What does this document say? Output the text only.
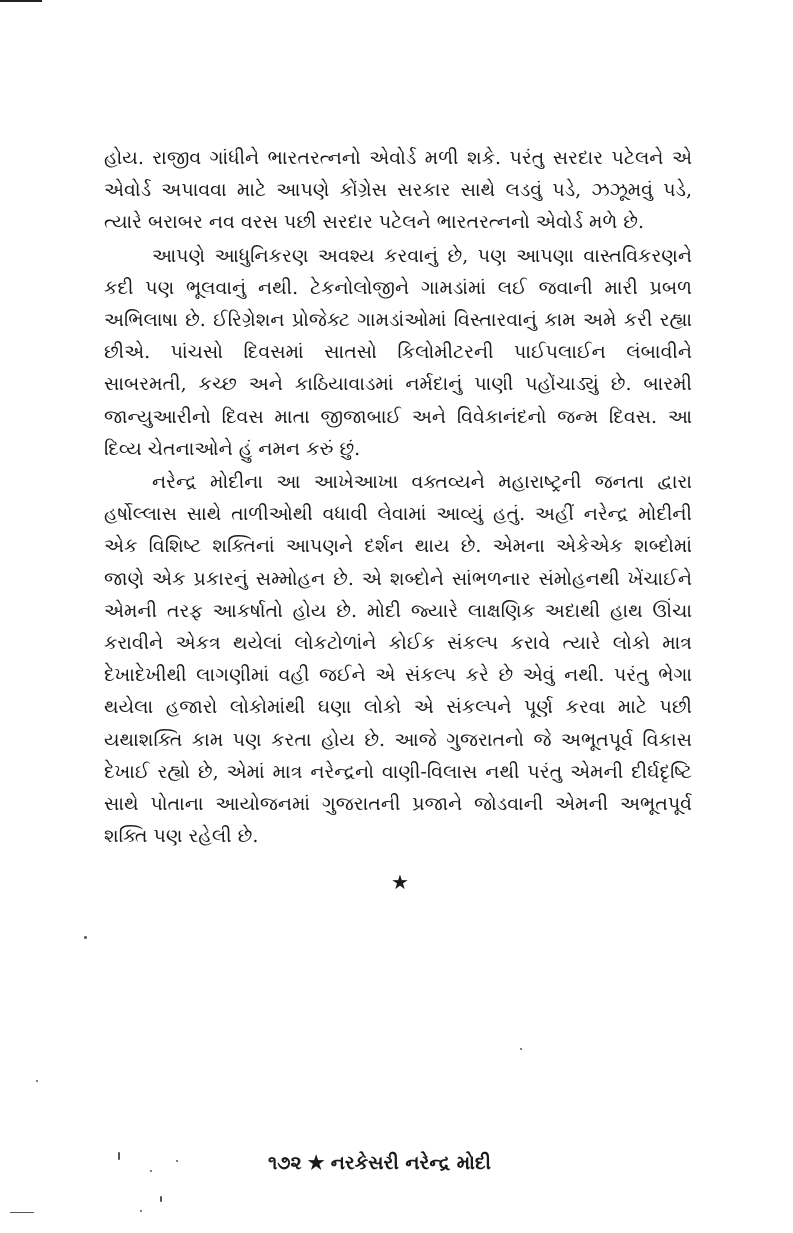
હોય. રાજીવ ગાંધીને ભારતરત્નનો એવોર્ડ મળી શકે. પરંતુ સરદાર પટેલને એ એવોર્ડ અપાવવા માટે આપણે કોંગ્રેસ સરકાર સાથે લડવું પડે, ઝઝૂમવું પડે, ત્યારે બરાબર નવ વરસ પછી સરદાર પટેલને ભારતરત્નનો એવોર્ડ મળે છે.

આપણે આધુનિકરણ અવશ્ય કરવાનું છે, પણ આપણા વાસ્તવિકરણને કદી પણ ભૂલવાનું નથી. ટેકનોલોજીને ગામડાંમાં લઈ જવાની મારી પ્રબળ અભિલાષા છે. ઈરિગ્રેશન પ્રોજેક્ટ ગામડાંઓમાં વિસ્તારવાનું કામ અમે કરી રહ્યા છીએ. પાંચસો દિવસમાં સાતસો કિલોમીટરની પાઈપલાઈન લંબાવીને સાબરમતી, કચ્છ અને કાઠિયાવાડમાં નર્મદાનું પાણી પહોંચાડ્યું છે. બારમી જાન્યુઆરીનો દિવસ માતા જીજાબાઈ અને વિવેકાનંદનો જન્મ દિવસ. આ દિવ્ય ચેતનાઓને હું નમન કરું છું.

નરેન્દ્ર મોદીના આ આખેઆખા વક્તવ્યને મહારાષ્ટ્રની જનતા દ્વારા હર્ષોલ્લાસ સાથે તાળીઓથી વધાવી લેવામાં આવ્યું હતું. અહીં નરેન્દ્ર મોદીની એક વિશિષ્ટ શક્તિનાં આપણને દર્શન થાય છે. એમના એકેએક શબ્દોમાં જાણે એક પ્રકારનું સમ્મોહન છે. એ શબ્દોને સાંભળનાર સંમોહનથી ખેંચાઈને એમની તરફ આકર્ષાતો હોય છે. મોદી જ્યારે લાક્ષણિક અદાથી હાથ ઊંચા કરાવીને એકત્ર થયેલાં લોકટોળાંને કોઈક સંકલ્પ કરાવે ત્યારે લોકો માત્ર દેખાદેખીથી લાગણીમાં વહી જઈને એ સંકલ્પ કરે છે એવું નથી. પરંતુ ભેગા થયેલા હજારો લોકોમાંથી ઘણા લોકો એ સંકલ્પને પૂર્ણ કરવા માટે પછી યથાશક્તિ કામ પણ કરતા હોય છે. આજે ગુજરાતનો જે અભૂતપૂર્વ વિકાસ દેખાઈ રહ્યો છે, એમાં માત્ર નરેન્દ્રનો વાણી-વિલાસ નથી પરંતુ એમની દીર્ઘદૃષ્ટિ સાથે પોતાના આયોજનમાં ગુજરાતની પ્રજાને જોડવાની એમની અભૂતપૂર્વ શક્તિ પણ રહેલી છે.

★
૧૭૨ ★ નરકેસરી નરેન્દ્ર મોદી
